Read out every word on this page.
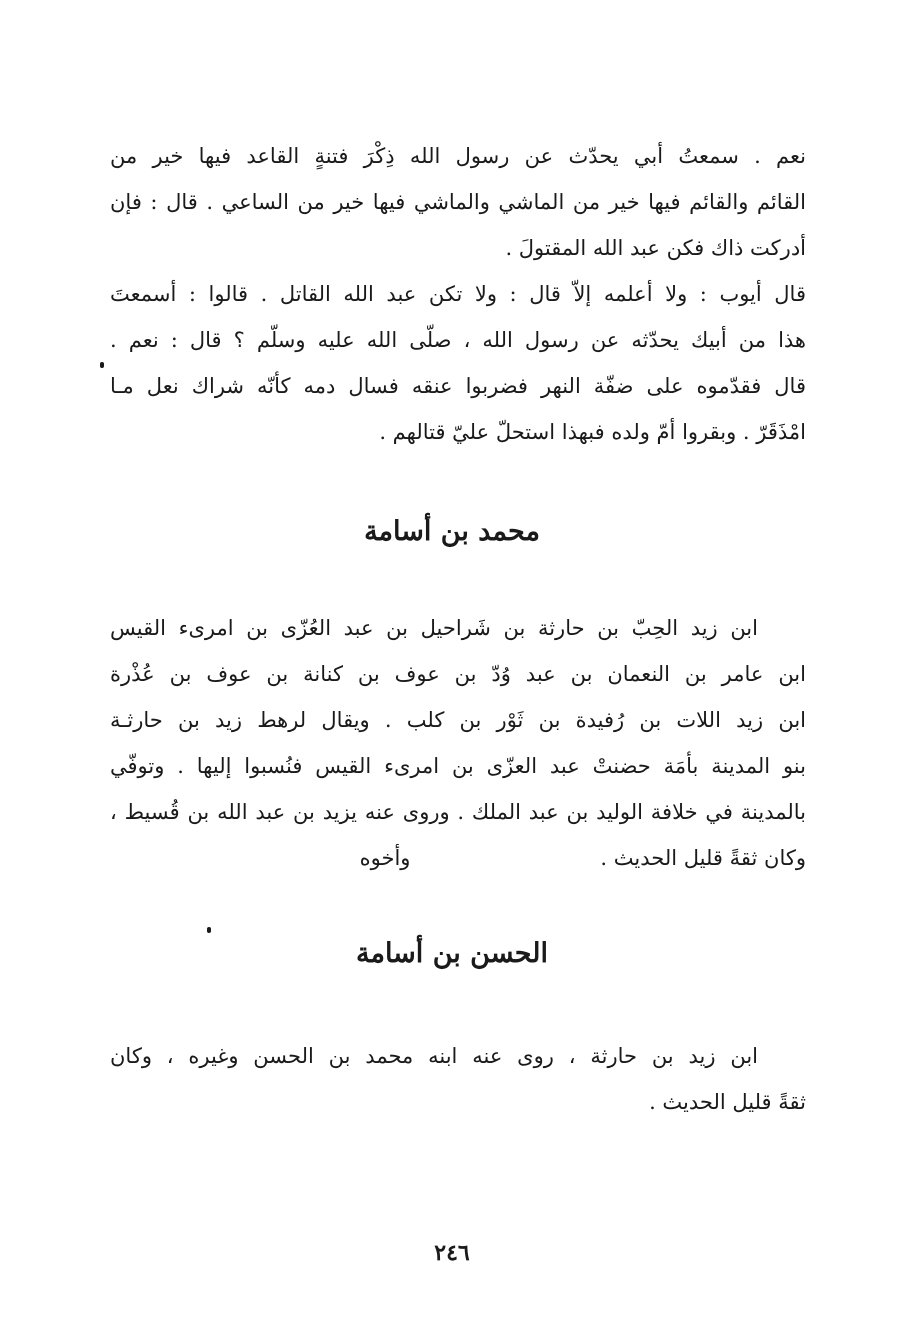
نعم . سمعتُ أبي يحدّث عن رسول الله ذِكْرَ فتنةٍ القاعد فيها خير من
القائم والقائم فيها خير من الماشي والماشي فيها خير من الساعي . قال : فإن
أدركت ذاك فكن عبد الله المقتولَ .
قال أيوب : ولا أعلمه إلاّ قال : ولا تكن عبد الله القاتل . قالوا : أسمعتَ
هذا من أبيك يحدّثه عن رسول الله ، صلّى الله عليه وسلّم ؟ قال : نعم .
قال فقدّموه على ضفّة النهر فضربوا عنقه فسال دمه كأنّه شراك نعل مـا
امْذَقَرّ . وبقروا أمّ ولده فبهذا استحلّ عليّ قتالهم .
محمد بن أسامة
ابن زيد الحِبّ بن حارثة بن شَراحيل بن عبد العُزّى بن امرىء القيس
ابن عامر بن النعمان بن عبد وُدّ بن عوف بن كنانة بن عوف بن عُذْرة
ابن زيد اللات بن رُفيدة بن ثَوْر بن كلب . ويقال لرهط زيد بن حارثـة
بنو المدينة بأمَة حضنتْ عبد العزّى بن امرىء القيس فنُسبوا إليها . وتوفّي
بالمدينة في خلافة الوليد بن عبد الملك . وروى عنه يزيد بن عبد الله بن قُسيط ،
وكان ثقةً قليل الحديث .
وأخوه
الحسن بن أسامة
ابن زيد بن حارثة ، روى عنه ابنه محمد بن الحسن وغيره ، وكان
ثقةً قليل الحديث .
٢٤٦
